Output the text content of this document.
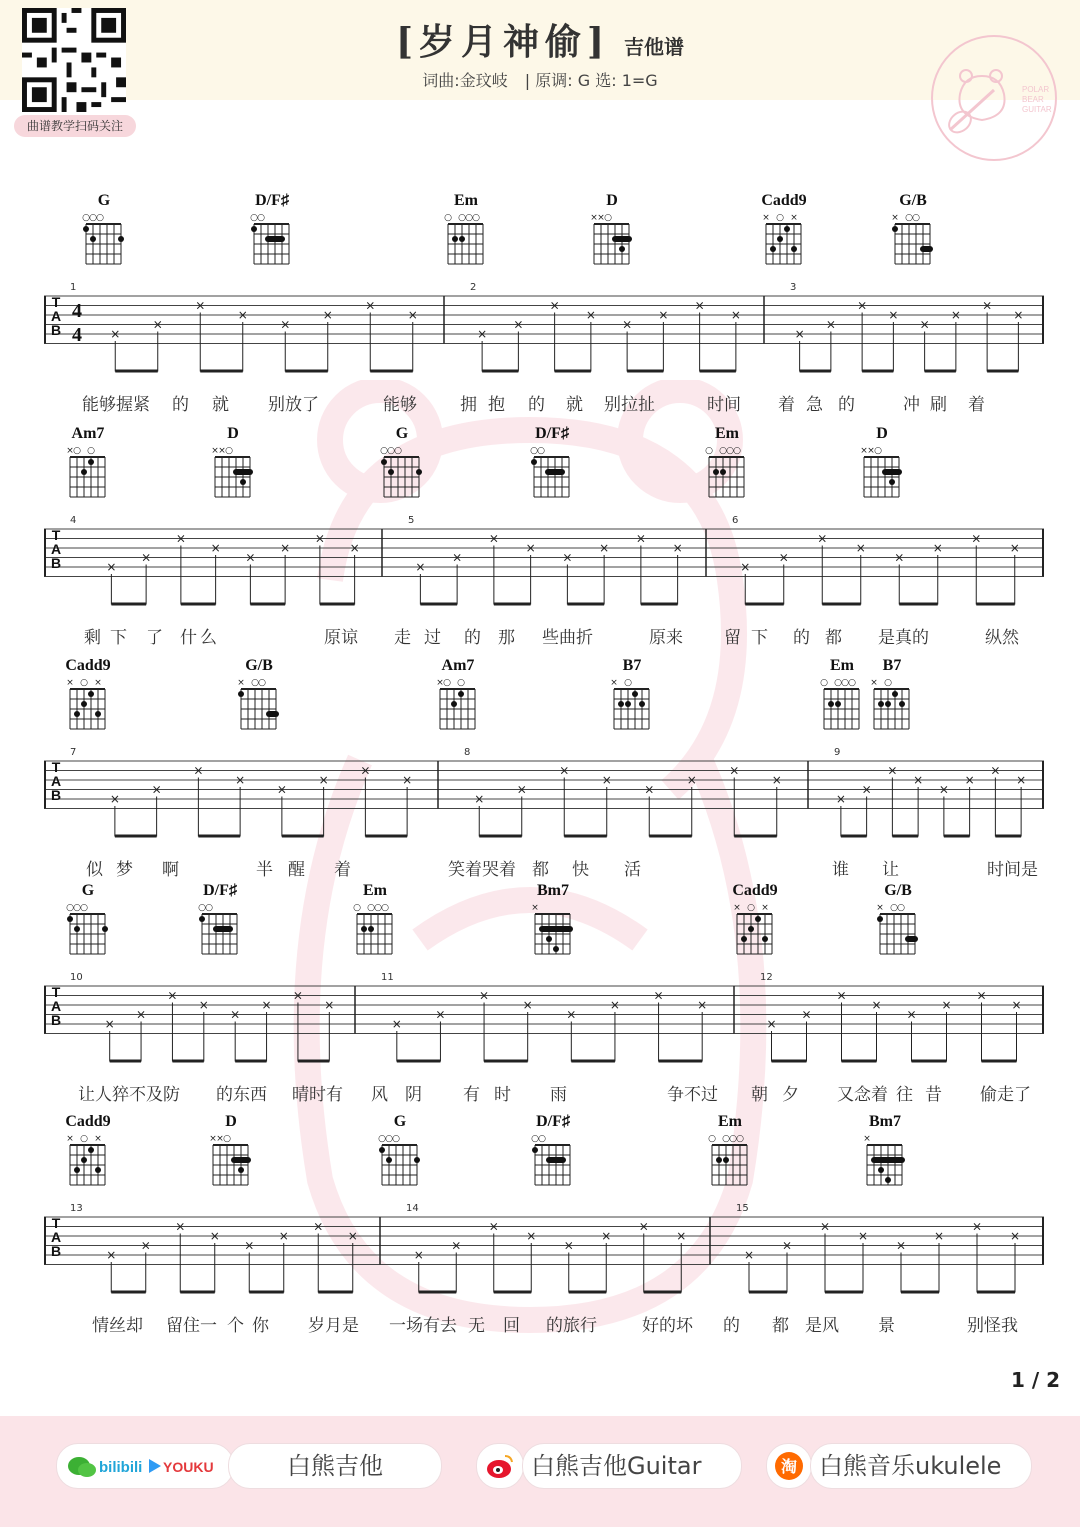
曲谱教学扫码关注
[岁月神偷] 吉他谱
词曲:金玟岐 | 原调: G 选: 1=G	POLAR
BEAR
GUITAR
G
○ ○ ○
D/F♯
○ ○
Em
○ ○ ○ ○
D
× × ○
Cadd9
× ○ ×
G/B
× ○ ○
T
A
B
4
4
1	2	3
×
×
×
×
×
×
×
×
×
×
×
×
×
×
×
×
×
×
×
×
×
×
×
×
能够握紧 的 就 别放了	能够	拥 抱 的 就 别拉扯	时间 着 急 的	冲 刷 着
Am7
× ○ ○
D
× × ○
G
○ ○ ○
D/F♯
○ ○
Em
○ ○ ○ ○
D
× × ○
T
A
B
4	5	6
×
×
×
×
×
×
×
×
×
×
×
×
×
×
×
×
×
×
×
×
×
×
×
×
剩 下 了 什 么	原谅 走 过 的 那 些曲折	原来 留 下 的 都 是真的	纵然
Cadd9
× ○ ×
G/B
× ○ ○
Am7
× ○ ○
B7
× ○
Em
○ ○ ○ ○
B7
× ○
T
A
B
7	8	9
×
×
×
×
×
×
×
×
×
×
×
×
×
×
×
×
×
×
×
×
×
×
×
×
似 梦 啊	半 醒 着	笑着哭着 都 快 活	谁 让	时间是
G
○ ○ ○
D/F♯
○ ○
Em
○ ○ ○ ○
Bm7
×
Cadd9
× ○ ×
G/B
× ○ ○
T
A
B
10	11	12
×
×
×
×
×
×
×
×
×
×
×
×
×
×
×
×
×
×
×
×
×
×
×
×
让人猝不及防 的东西 晴时有 风 阴 有 时 雨	争不过 朝 夕 又念着 往 昔 偷走了
Cadd9
× ○ ×
D
× × ○
G
○ ○ ○
D/F♯
○ ○
Em
○ ○ ○ ○
Bm7
×
T
A
B
13	14	15
×
×
×
×
×
×
×
×
×
×
×
×
×
×
×
×
×
×
×
×
×
×
×
×
情丝却 留住一 个 你 岁月是 一场有去 无 回 的旅行	好的坏 的 都 是风 景	别怪我
1 / 2
bilibili YOUKU	白熊吉他	白熊吉他Guitar	淘 白熊音乐ukulele
